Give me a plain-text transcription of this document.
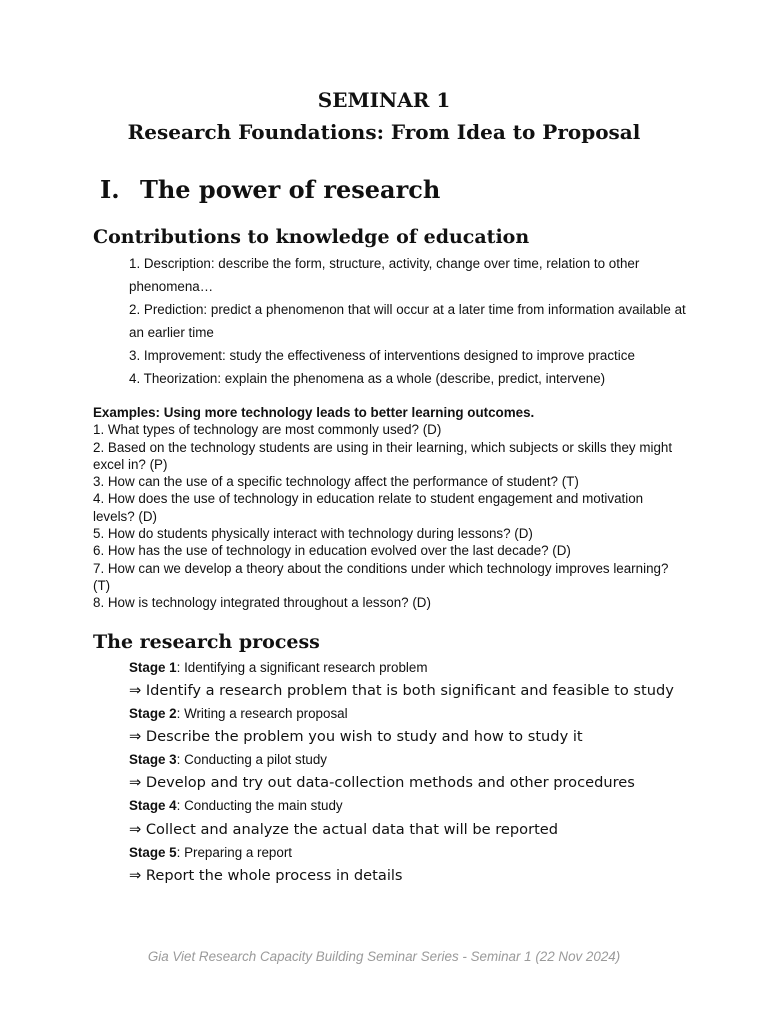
SEMINAR 1
Research Foundations: From Idea to Proposal
I. The power of research
Contributions to knowledge of education
1. Description: describe the form, structure, activity, change over time, relation to other phenomena…
2. Prediction: predict a phenomenon that will occur at a later time from information available at an earlier time
3. Improvement: study the effectiveness of interventions designed to improve practice
4. Theorization: explain the phenomena as a whole (describe, predict, intervene)
Examples: Using more technology leads to better learning outcomes.
1. What types of technology are most commonly used? (D)
2. Based on the technology students are using in their learning, which subjects or skills they might excel in? (P)
3. How can the use of a specific technology affect the performance of student? (T)
4. How does the use of technology in education relate to student engagement and motivation levels? (D)
5. How do students physically interact with technology during lessons? (D)
6. How has the use of technology in education evolved over the last decade? (D)
7. How can we develop a theory about the conditions under which technology improves learning? (T)
8. How is technology integrated throughout a lesson? (D)
The research process
Stage 1: Identifying a significant research problem
⇒ Identify a research problem that is both significant and feasible to study
Stage 2: Writing a research proposal
⇒ Describe the problem you wish to study and how to study it
Stage 3: Conducting a pilot study
⇒ Develop and try out data-collection methods and other procedures
Stage 4: Conducting the main study
⇒ Collect and analyze the actual data that will be reported
Stage 5: Preparing a report
⇒ Report the whole process in details
Gia Viet Research Capacity Building Seminar Series - Seminar 1 (22 Nov 2024)
